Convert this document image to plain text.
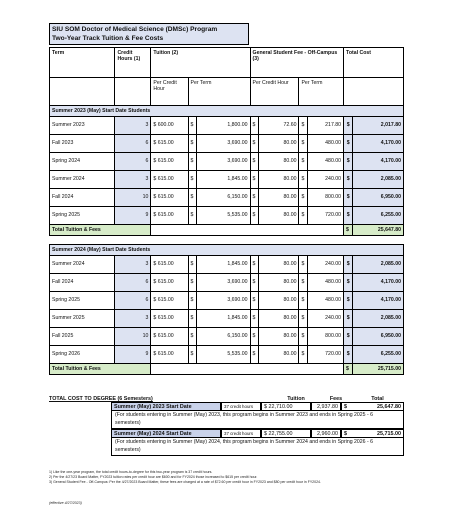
SIU SOM Doctor of Medical Science (DMSc) Program
Two-Year Track Tuition & Fee Costs
Term	Credit Hours (1)	Tuition (2)			General Student Fee - Off-Campus (3)				Total Cost	
		Per Credit Hour	Per Term		Per Credit Hour		Per Term			
Summer 2023 (May) Start Date Students										
Summer 2023	3	$ 600.00	$	1,800.00	$	72.60	$	217.80	$	2,017.80
Fall 2023	6	$ 615.00	$	3,690.00	$	80.00	$	480.00	$	4,170.00
Spring 2024	6	$ 615.00	$	3,690.00	$	80.00	$	480.00	$	4,170.00
Summer 2024	3	$ 615.00	$	1,845.00	$	80.00	$	240.00	$	2,085.00
Fall 2024	10	$ 615.00	$	6,150.00	$	80.00	$	800.00	$	6,950.00
Spring 2025	9	$ 615.00	$	5,535.00	$	80.00	$	720.00	$	6,255.00
Total Tuition & Fees									$	25,647.80

Summer 2024 (May) Start Date Students										
Summer 2024	3	$ 615.00	$	1,845.00	$	80.00	$	240.00	$	2,085.00
Fall 2024	6	$ 615.00	$	3,690.00	$	80.00	$	480.00	$	4,170.00
Spring 2025	6	$ 615.00	$	3,690.00	$	80.00	$	480.00	$	4,170.00
Summer 2025	3	$ 615.00	$	1,845.00	$	80.00	$	240.00	$	2,085.00
Fall 2025	10	$ 615.00	$	6,150.00	$	80.00	$	800.00	$	6,950.00
Spring 2026	9	$ 615.00	$	5,535.00	$	80.00	$	720.00	$	6,255.00
Total Tuition & Fees									$	25,715.00
TOTAL COST TO DEGREE (6 Semesters)	Tuition	Fees	Total
Summer (May) 2023 Start Date	37 credit hours	$ 22,710.00	2,937.80	$	25,647.80
(For students entering in Summer (May) 2023, this program begins in Summer 2023 and ends in Spring 2025 - 6 semesters)
Summer (May) 2024 Start Date	37 credit hours	$ 22,755.00	2,960.00	$	25,715.00
(For students entering in Summer (May) 2024, this program begins in Summer 2024 and ends in Spring 2026 - 6 semesters)
1) Like the one-year program, the total credit hours-to-degree for this two-year program is 37 credit hours.
2) Per the 4/27/23 Board Matter, FY2023 tuition rates per credit hour are $600 and for FY2024 those increased to $615 per credit hour.
3) General Student Fee - Off-Campus: Per the 4/27/2023 Board Matter, these fees are charged at a rate of $72.60 per credit hour in FY2023 and $80 per credit hour in FY2024.
(effective 4/27/2023)
